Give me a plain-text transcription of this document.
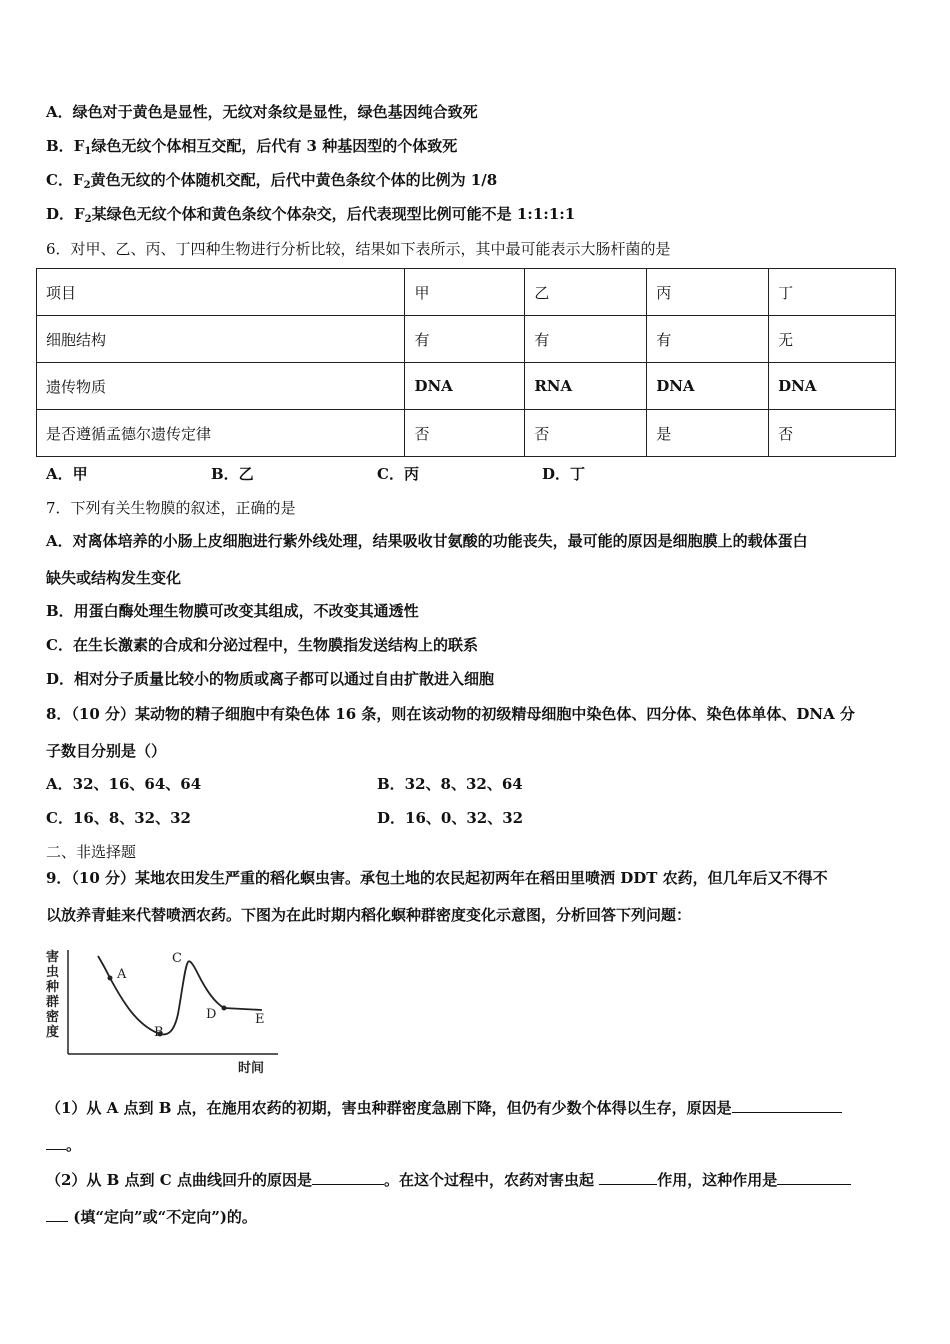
A．绿色对于黄色是显性，无纹对条纹是显性，绿色基因纯合致死
B．$F_1$绿色无纹个体相互交配，后代有 3 种基因型的个体致死
C．$F_2$黄色无纹的个体随机交配，后代中黄色条纹个体的比例为 1/8
D．$F_2$某绿色无纹个体和黄色条纹个体杂交，后代表现型比例可能不是 1:1:1:1
6．对甲、乙、丙、丁四种生物进行分析比较，结果如下表所示，其中最可能表示大肠杆菌的是
项目	甲	乙	丙	丁
细胞结构	有	有	有	无
遗传物质	DNA	RNA	DNA	DNA
是否遵循孟德尔遗传定律	否	否	是	否
A．甲	B．乙	C．丙	D．丁
7．下列有关生物膜的叙述，正确的是
A．对离体培养的小肠上皮细胞进行紫外线处理，结果吸收甘氨酸的功能丧失，最可能的原因是细胞膜上的载体蛋白
缺失或结构发生变化
B．用蛋白酶处理生物膜可改变其组成，不改变其通透性
C．在生长激素的合成和分泌过程中，生物膜指发送结构上的联系
D．相对分子质量比较小的物质或离子都可以通过自由扩散进入细胞
8．（10 分）某动物的精子细胞中有染色体 16 条，则在该动物的初级精母细胞中染色体、四分体、染色体单体、DNA 分
子数目分别是（）
A．32、16、64、64	B．32、8、32、64
C．16、8、32、32	D．16、0、32、32
二、非选择题
9．（10 分）某地农田发生严重的稻化螟虫害。承包土地的农民起初两年在稻田里喷洒 DDT 农药，但几年后又不得不
以放养青蛙来代替喷洒农药。下图为在此时期内稻化螟种群密度变化示意图，分析回答下列问题：
害
虫
种
群
密
度
A
B
C
D	E
时间
（1）从 A 点到 B 点，在施用农药的初期，害虫种群密度急剧下降，但仍有少数个体得以生存，原因是
。
（2）从 B 点到 C 点曲线回升的原因是	。在这个过程中，农药对害虫起	作用，这种作用是
(填“定向”或“不定向”)的。
